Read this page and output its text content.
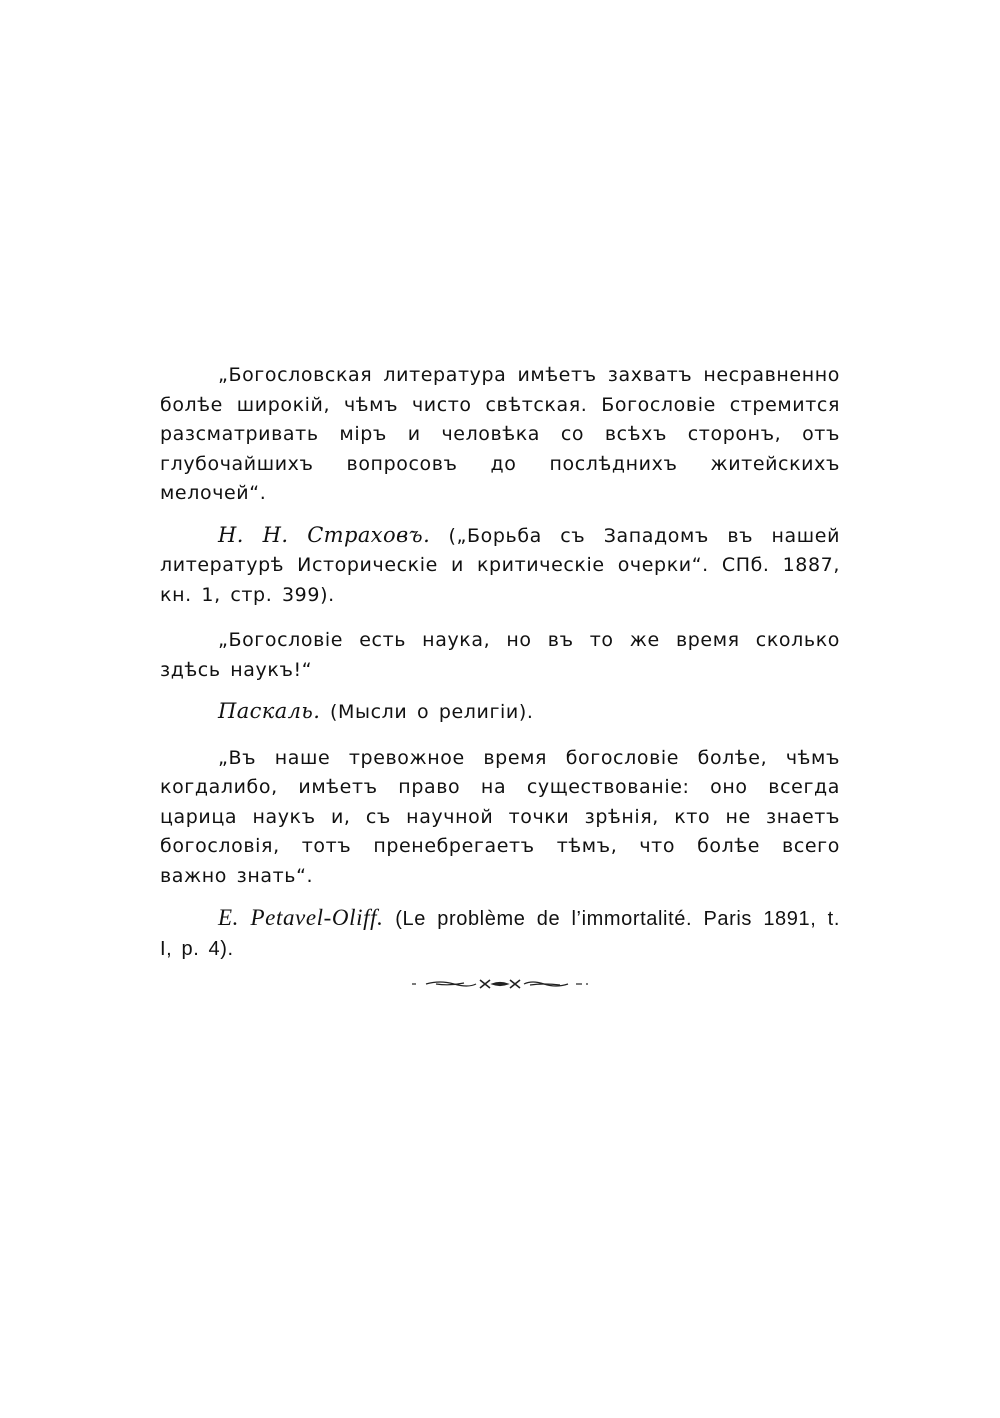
„Богословская литература имѣетъ захватъ несравненно болѣе широкій, чѣмъ чисто свѣтская. Богословіе стремится разсматривать міръ и человѣка со всѣхъ сторонъ, отъ глубочайшихъ вопросовъ до послѣднихъ житейскихъ мелочей“.

Н. Н. Страховъ. („Борьба съ Западомъ въ нашей литературѣ Историческіе и критическіе очерки“. СПб. 1887, кн. 1, стр. 399).

„Богословіе есть наука, но въ то же время сколько здѣсь наукъ!“

Паскаль. (Мысли о религіи).

„Въ наше тревожное время богословіе болѣе, чѣмъ когдалибо, имѣетъ право на существованіе: оно всегда царица наукъ и, съ научной точки зрѣнія, кто не знаетъ богословія, тотъ пренебрегаетъ тѣмъ, что болѣе всего важно знать“.

E. Petavel-Oliff. (Le problème de l’immortalité. Paris 1891, t. I, p. 4).
